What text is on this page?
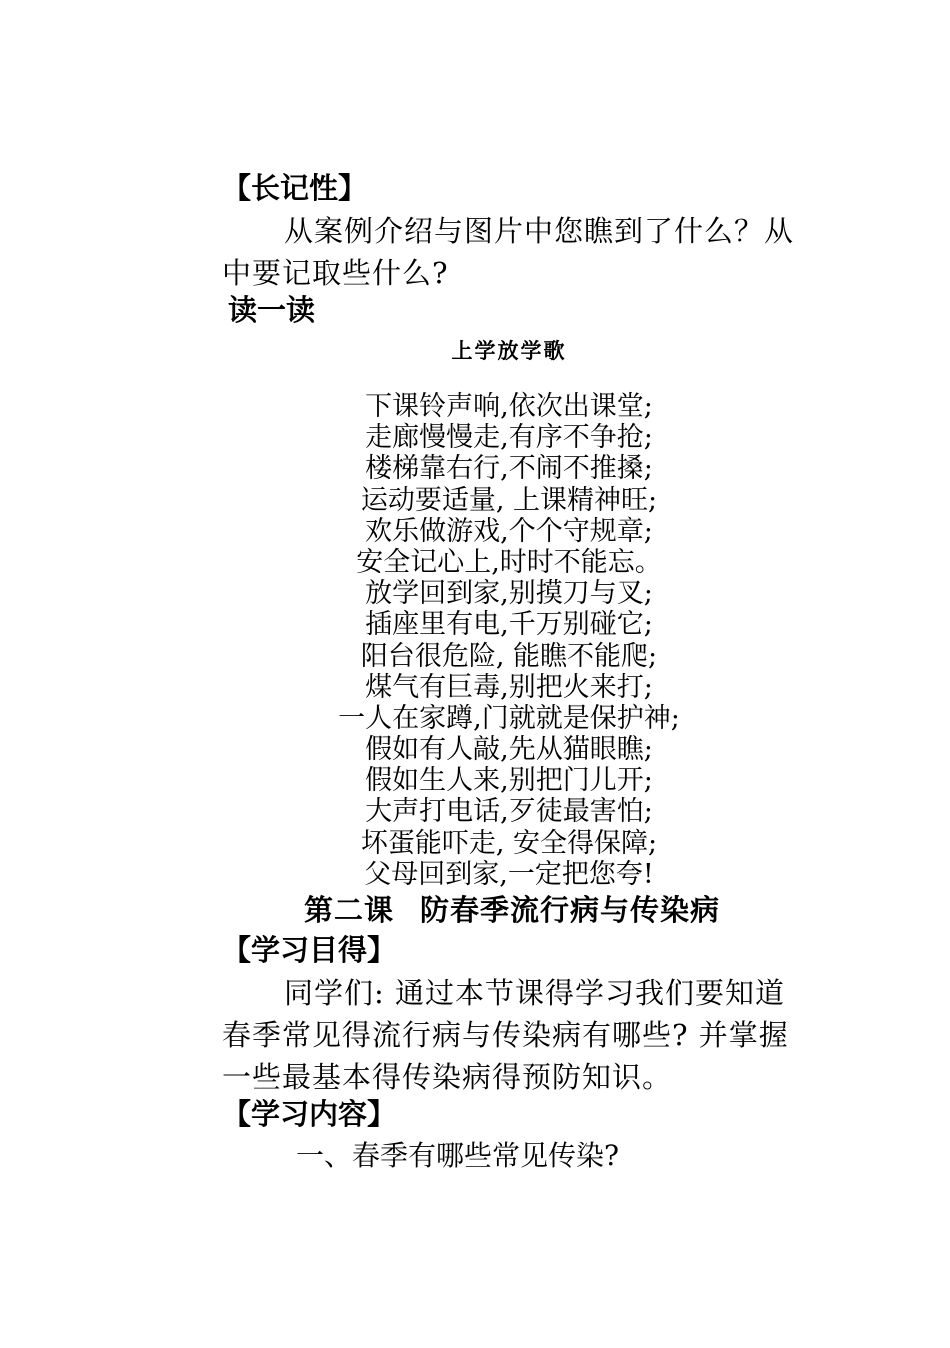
【长记性】

从案例介绍与图片中您瞧到了什么？从中要记取些什么?

读一读
上学放学歌
下课铃声响,依次出课堂;
走廊慢慢走,有序不争抢;
楼梯靠右行,不闹不推搡;
运动要适量, 上课精神旺;
欢乐做游戏,个个守规章;
安全记心上,时时不能忘。
放学回到家,别摸刀与叉;
插座里有电,千万别碰它;
阳台很危险, 能瞧不能爬;
煤气有巨毒,别把火来打;
一人在家蹲,门就就是保护神;
假如有人敲,先从猫眼瞧;
假如生人来,别把门儿开;
大声打电话,歹徒最害怕;
坏蛋能吓走, 安全得保障;
父母回到家,一定把您夸!
第二课 防春季流行病与传染病
【学习目得】

同学们: 通过本节课得学习我们要知道春季常见得流行病与传染病有哪些? 并掌握一些最基本得传染病得预防知识。

【学习内容】
一、春季有哪些常见传染?
